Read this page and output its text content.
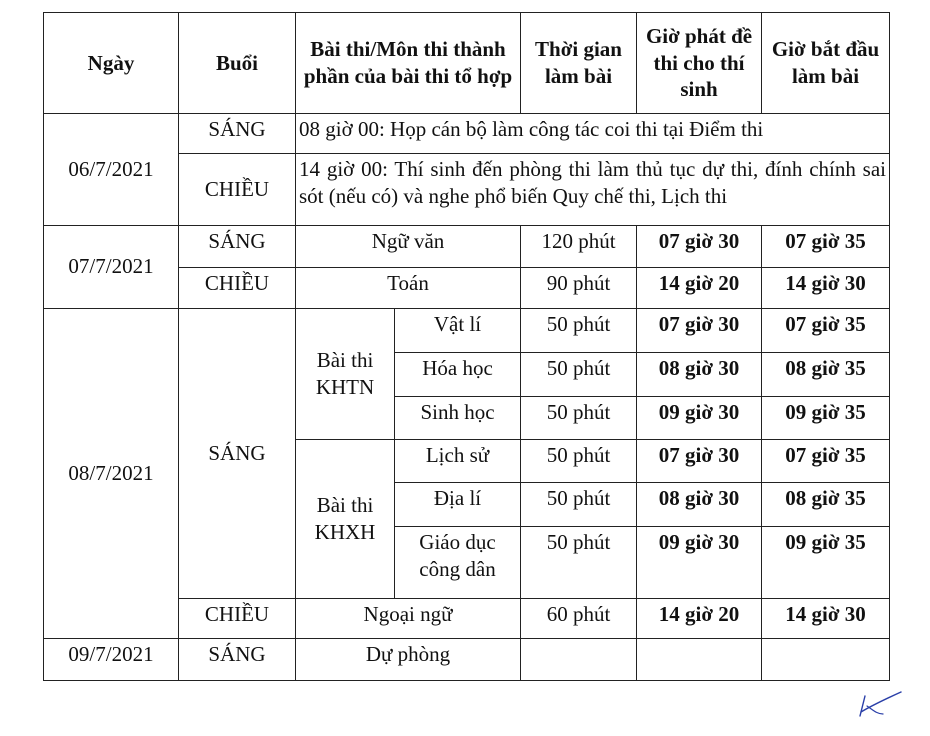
Ngày	Buổi	Bài thi/Môn thi thành phần của bài thi tổ hợp		Thời gian làm bài	Giờ phát đề thi cho thí sinh	Giờ bắt đầu làm bài
06/7/2021	SÁNG	08 giờ 00: Họp cán bộ làm công tác coi thi tại Điểm thi				
	CHIỀU	14 giờ 00: Thí sinh đến phòng thi làm thủ tục dự thi, đính chính sai sót (nếu có) và nghe phổ biến Quy chế thi, Lịch thi				
07/7/2021	SÁNG	Ngữ văn		120 phút	07 giờ 30	07 giờ 35
	CHIỀU	Toán		90 phút	14 giờ 20	14 giờ 30
08/7/2021	SÁNG	Bài thi KHTN	Vật lí	50 phút	07 giờ 30	07 giờ 35
			Hóa học	50 phút	08 giờ 30	08 giờ 35
			Sinh học	50 phút	09 giờ 30	09 giờ 35
		Bài thi KHXH	Lịch sử	50 phút	07 giờ 30	07 giờ 35
			Địa lí	50 phút	08 giờ 30	08 giờ 35
			Giáo dục công dân	50 phút	09 giờ 30	09 giờ 35
	CHIỀU	Ngoại ngữ		60 phút	14 giờ 20	14 giờ 30
09/7/2021	SÁNG	Dự phòng				
